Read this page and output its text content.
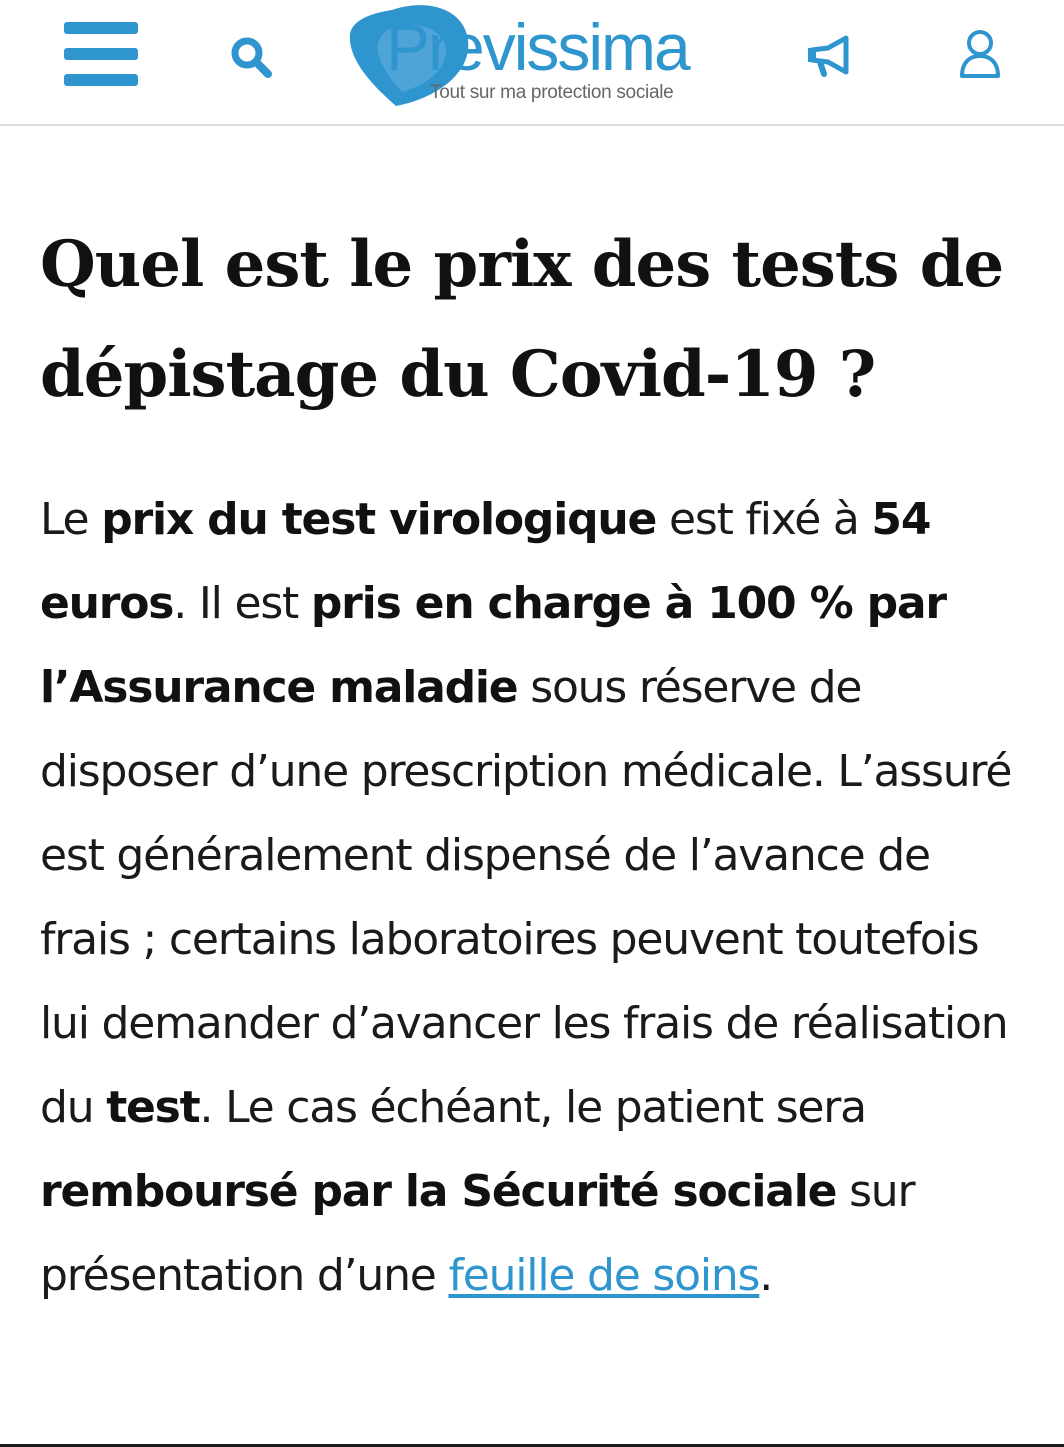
Previssima
Tout sur ma protection sociale
Quel est le prix des tests de dépistage du Covid-19 ?

Le prix du test virologique est fixé à 54 euros. Il est pris en charge à 100 % par l’Assurance maladie sous réserve de disposer d’une prescription médicale. L’assuré est généralement dispensé de l’avance de frais ; certains laboratoires peuvent toutefois lui demander d’avancer les frais de réalisation du test. Le cas échéant, le patient sera remboursé par la Sécurité sociale sur présentation d’une feuille de soins.
